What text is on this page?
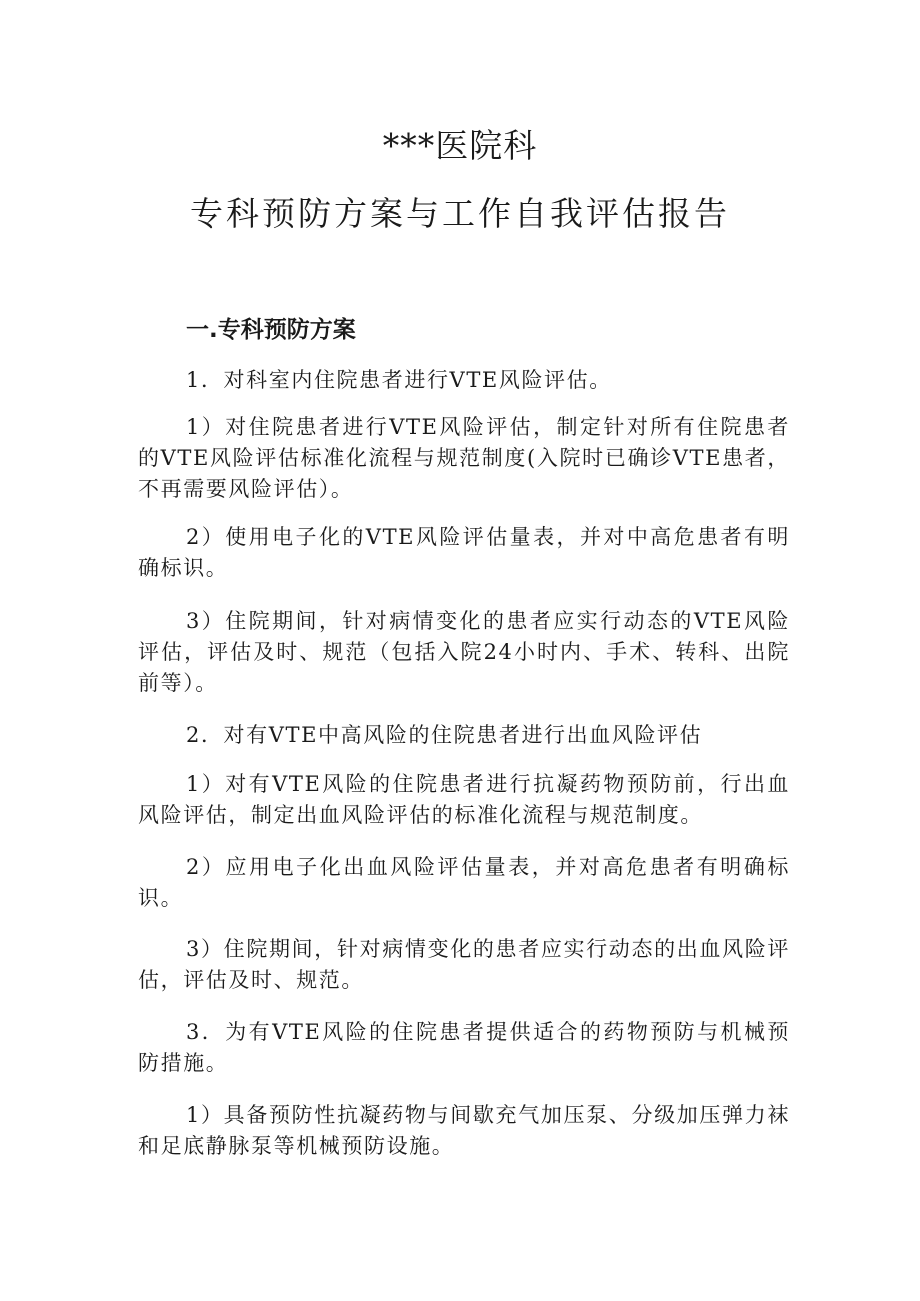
***医院科
专科预防方案与工作自我评估报告
一.专科预防方案

1．对科室内住院患者进行VTE风险评估。

1）对住院患者进行VTE风险评估，制定针对所有住院患者的VTE风险评估标准化流程与规范制度(入院时已确诊VTE患者，不再需要风险评估）。

2）使用电子化的VTE风险评估量表，并对中高危患者有明确标识。

3）住院期间，针对病情变化的患者应实行动态的VTE风险评估，评估及时、规范（包括入院24小时内、手术、转科、出院前等）。

2．对有VTE中高风险的住院患者进行出血风险评估

1）对有VTE风险的住院患者进行抗凝药物预防前，行出血风险评估，制定出血风险评估的标准化流程与规范制度。

2）应用电子化出血风险评估量表，并对高危患者有明确标识。

3）住院期间，针对病情变化的患者应实行动态的出血风险评估，评估及时、规范。

3．为有VTE风险的住院患者提供适合的药物预防与机械预防措施。

1）具备预防性抗凝药物与间歇充气加压泵、分级加压弹力袜和足底静脉泵等机械预防设施。
